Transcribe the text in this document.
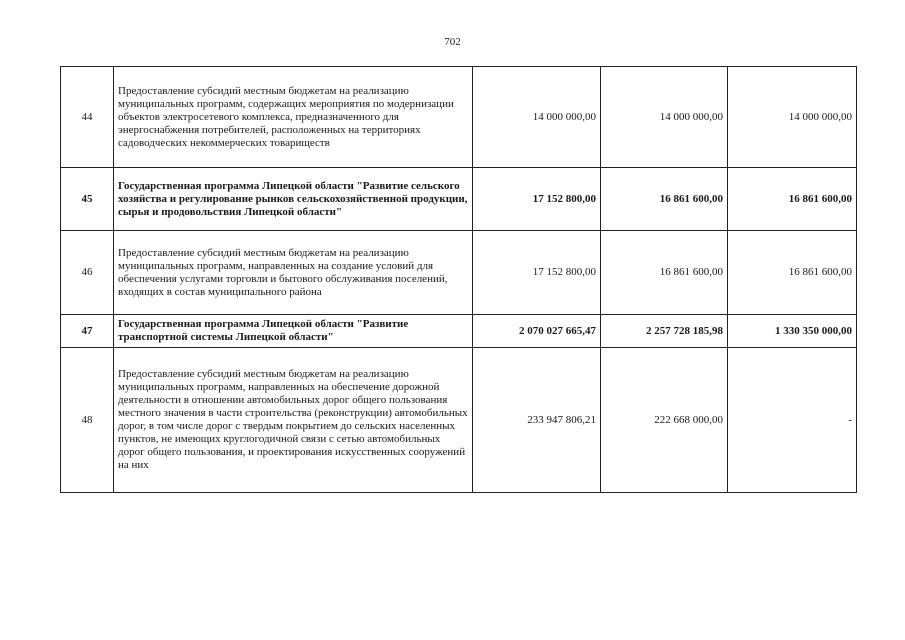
702
44	Предоставление субсидий местным бюджетам на реализацию муниципальных программ, содержащих мероприятия по модернизации объектов электросетевого комплекса, предназначенного для энергоснабжения потребителей, расположенных на территориях садоводческих некоммерческих товариществ	14 000 000,00	14 000 000,00	14 000 000,00
45	Государственная программа Липецкой области "Развитие сельского хозяйства и регулирование рынков сельскохозяйственной продукции, сырья и продовольствия Липецкой области"	17 152 800,00	16 861 600,00	16 861 600,00
46	Предоставление субсидий местным бюджетам на реализацию муниципальных программ, направленных на создание условий для обеспечения услугами торговли и бытового обслуживания поселений, входящих в состав муниципального района	17 152 800,00	16 861 600,00	16 861 600,00
47	Государственная программа Липецкой области "Развитие транспортной системы Липецкой области"	2 070 027 665,47	2 257 728 185,98	1 330 350 000,00
48	Предоставление субсидий местным бюджетам на реализацию муниципальных программ, направленных на обеспечение дорожной деятельности в отношении автомобильных дорог общего пользования местного значения в части строительства (реконструкции) автомобильных дорог, в том числе дорог с твердым покрытием до сельских населенных пунктов, не имеющих круглогодичной связи с сетью автомобильных дорог общего пользования, и проектирования искусственных сооружений на них	233 947 806,21	222 668 000,00	-
